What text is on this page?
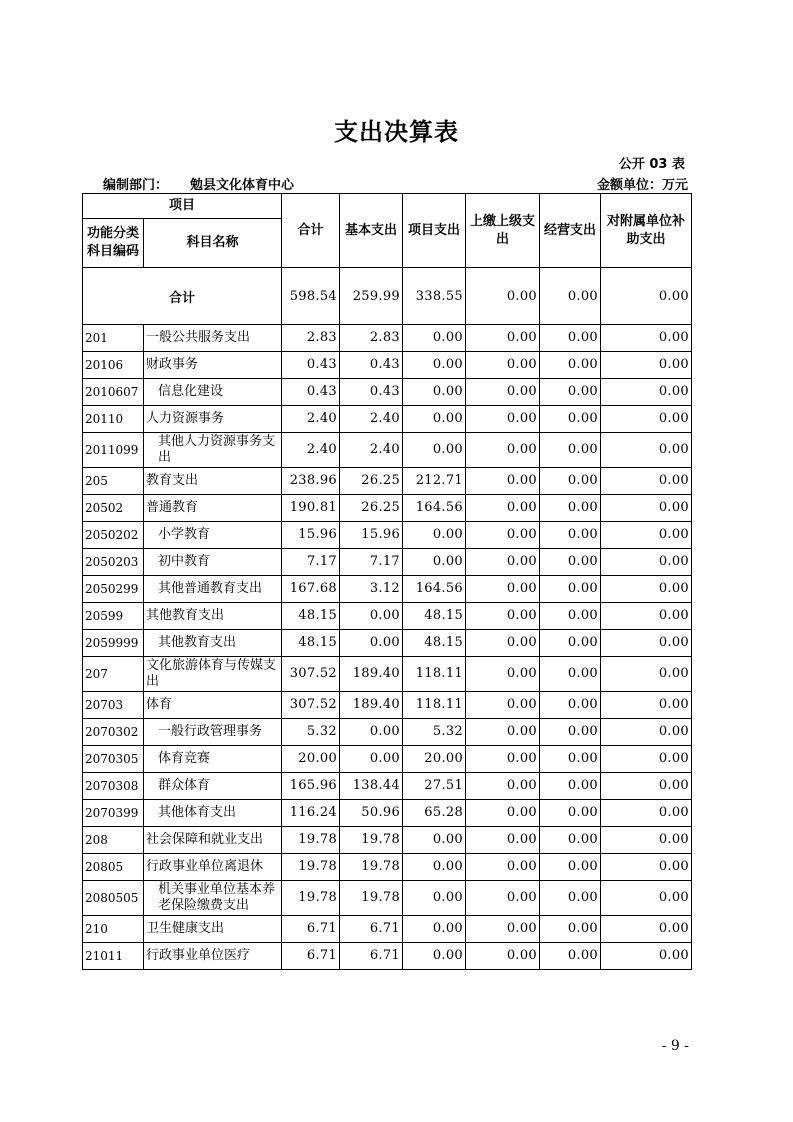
支出决算表
公开 03 表
编制部门： 勉县文化体育中心	金额单位：万元
项目		合计	基本支出	项目支出	上缴上级支出	经营支出	对附属单位补助支出
功能分类科目编码	科目名称						
合计		598.54	259.99	338.55	0.00	0.00	0.00
201	一般公共服务支出	2.83	2.83	0.00	0.00	0.00	0.00
20106	财政事务	0.43	0.43	0.00	0.00	0.00	0.00
2010607	信息化建设	0.43	0.43	0.00	0.00	0.00	0.00
20110	人力资源事务	2.40	2.40	0.00	0.00	0.00	0.00
2011099	其他人力资源事务支出	2.40	2.40	0.00	0.00	0.00	0.00
205	教育支出	238.96	26.25	212.71	0.00	0.00	0.00
20502	普通教育	190.81	26.25	164.56	0.00	0.00	0.00
2050202	小学教育	15.96	15.96	0.00	0.00	0.00	0.00
2050203	初中教育	7.17	7.17	0.00	0.00	0.00	0.00
2050299	其他普通教育支出	167.68	3.12	164.56	0.00	0.00	0.00
20599	其他教育支出	48.15	0.00	48.15	0.00	0.00	0.00
2059999	其他教育支出	48.15	0.00	48.15	0.00	0.00	0.00
207	文化旅游体育与传媒支出	307.52	189.40	118.11	0.00	0.00	0.00
20703	体育	307.52	189.40	118.11	0.00	0.00	0.00
2070302	一般行政管理事务	5.32	0.00	5.32	0.00	0.00	0.00
2070305	体育竞赛	20.00	0.00	20.00	0.00	0.00	0.00
2070308	群众体育	165.96	138.44	27.51	0.00	0.00	0.00
2070399	其他体育支出	116.24	50.96	65.28	0.00	0.00	0.00
208	社会保障和就业支出	19.78	19.78	0.00	0.00	0.00	0.00
20805	行政事业单位离退休	19.78	19.78	0.00	0.00	0.00	0.00
2080505	机关事业单位基本养老保险缴费支出	19.78	19.78	0.00	0.00	0.00	0.00
210	卫生健康支出	6.71	6.71	0.00	0.00	0.00	0.00
21011	行政事业单位医疗	6.71	6.71	0.00	0.00	0.00	0.00
- 9 -
